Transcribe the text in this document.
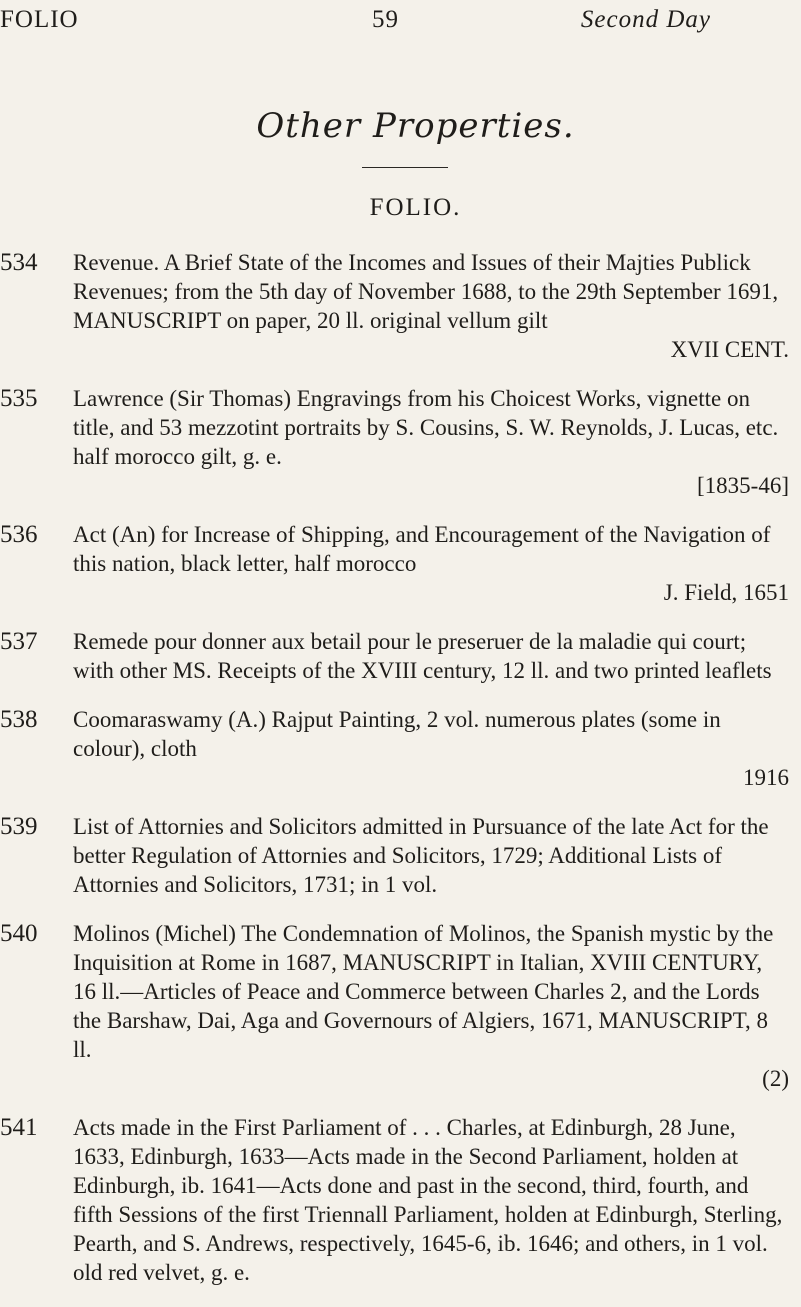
FOLIO	59	Second Day
Other Properties.
FOLIO.
534	Revenue. A Brief State of the Incomes and Issues of their Majties Publick Revenues; from the 5th day of November 1688, to the 29th September 1691, MANUSCRIPT on paper, 20 ll. original vellum gilt
XVII CENT.
535	Lawrence (Sir Thomas) Engravings from his Choicest Works, vignette on title, and 53 mezzotint portraits by S. Cousins, S. W. Reynolds, J. Lucas, etc. half morocco gilt, g. e.
[1835-46]
536	Act (An) for Increase of Shipping, and Encouragement of the Navigation of this nation, black letter, half morocco
J. Field, 1651
537	Remede pour donner aux betail pour le preseruer de la maladie qui court; with other MS. Receipts of the XVIII century, 12 ll. and two printed leaflets
538	Coomaraswamy (A.) Rajput Painting, 2 vol. numerous plates (some in colour), cloth
1916
539	List of Attornies and Solicitors admitted in Pursuance of the late Act for the better Regulation of Attornies and Solicitors, 1729; Additional Lists of Attornies and Solicitors, 1731; in 1 vol.
540	Molinos (Michel) The Condemnation of Molinos, the Spanish mystic by the Inquisition at Rome in 1687, MANUSCRIPT in Italian, XVIII CENTURY, 16 ll.—Articles of Peace and Commerce between Charles 2, and the Lords the Barshaw, Dai, Aga and Governours of Algiers, 1671, MANUSCRIPT, 8 ll.
(2)
541	Acts made in the First Parliament of . . . Charles, at Edinburgh, 28 June, 1633, Edinburgh, 1633—Acts made in the Second Parliament, holden at Edinburgh, ib. 1641—Acts done and past in the second, third, fourth, and fifth Sessions of the first Triennall Parliament, holden at Edinburgh, Sterling, Pearth, and S. Andrews, respectively, 1645-6, ib. 1646; and others, in 1 vol. old red velvet, g. e.
